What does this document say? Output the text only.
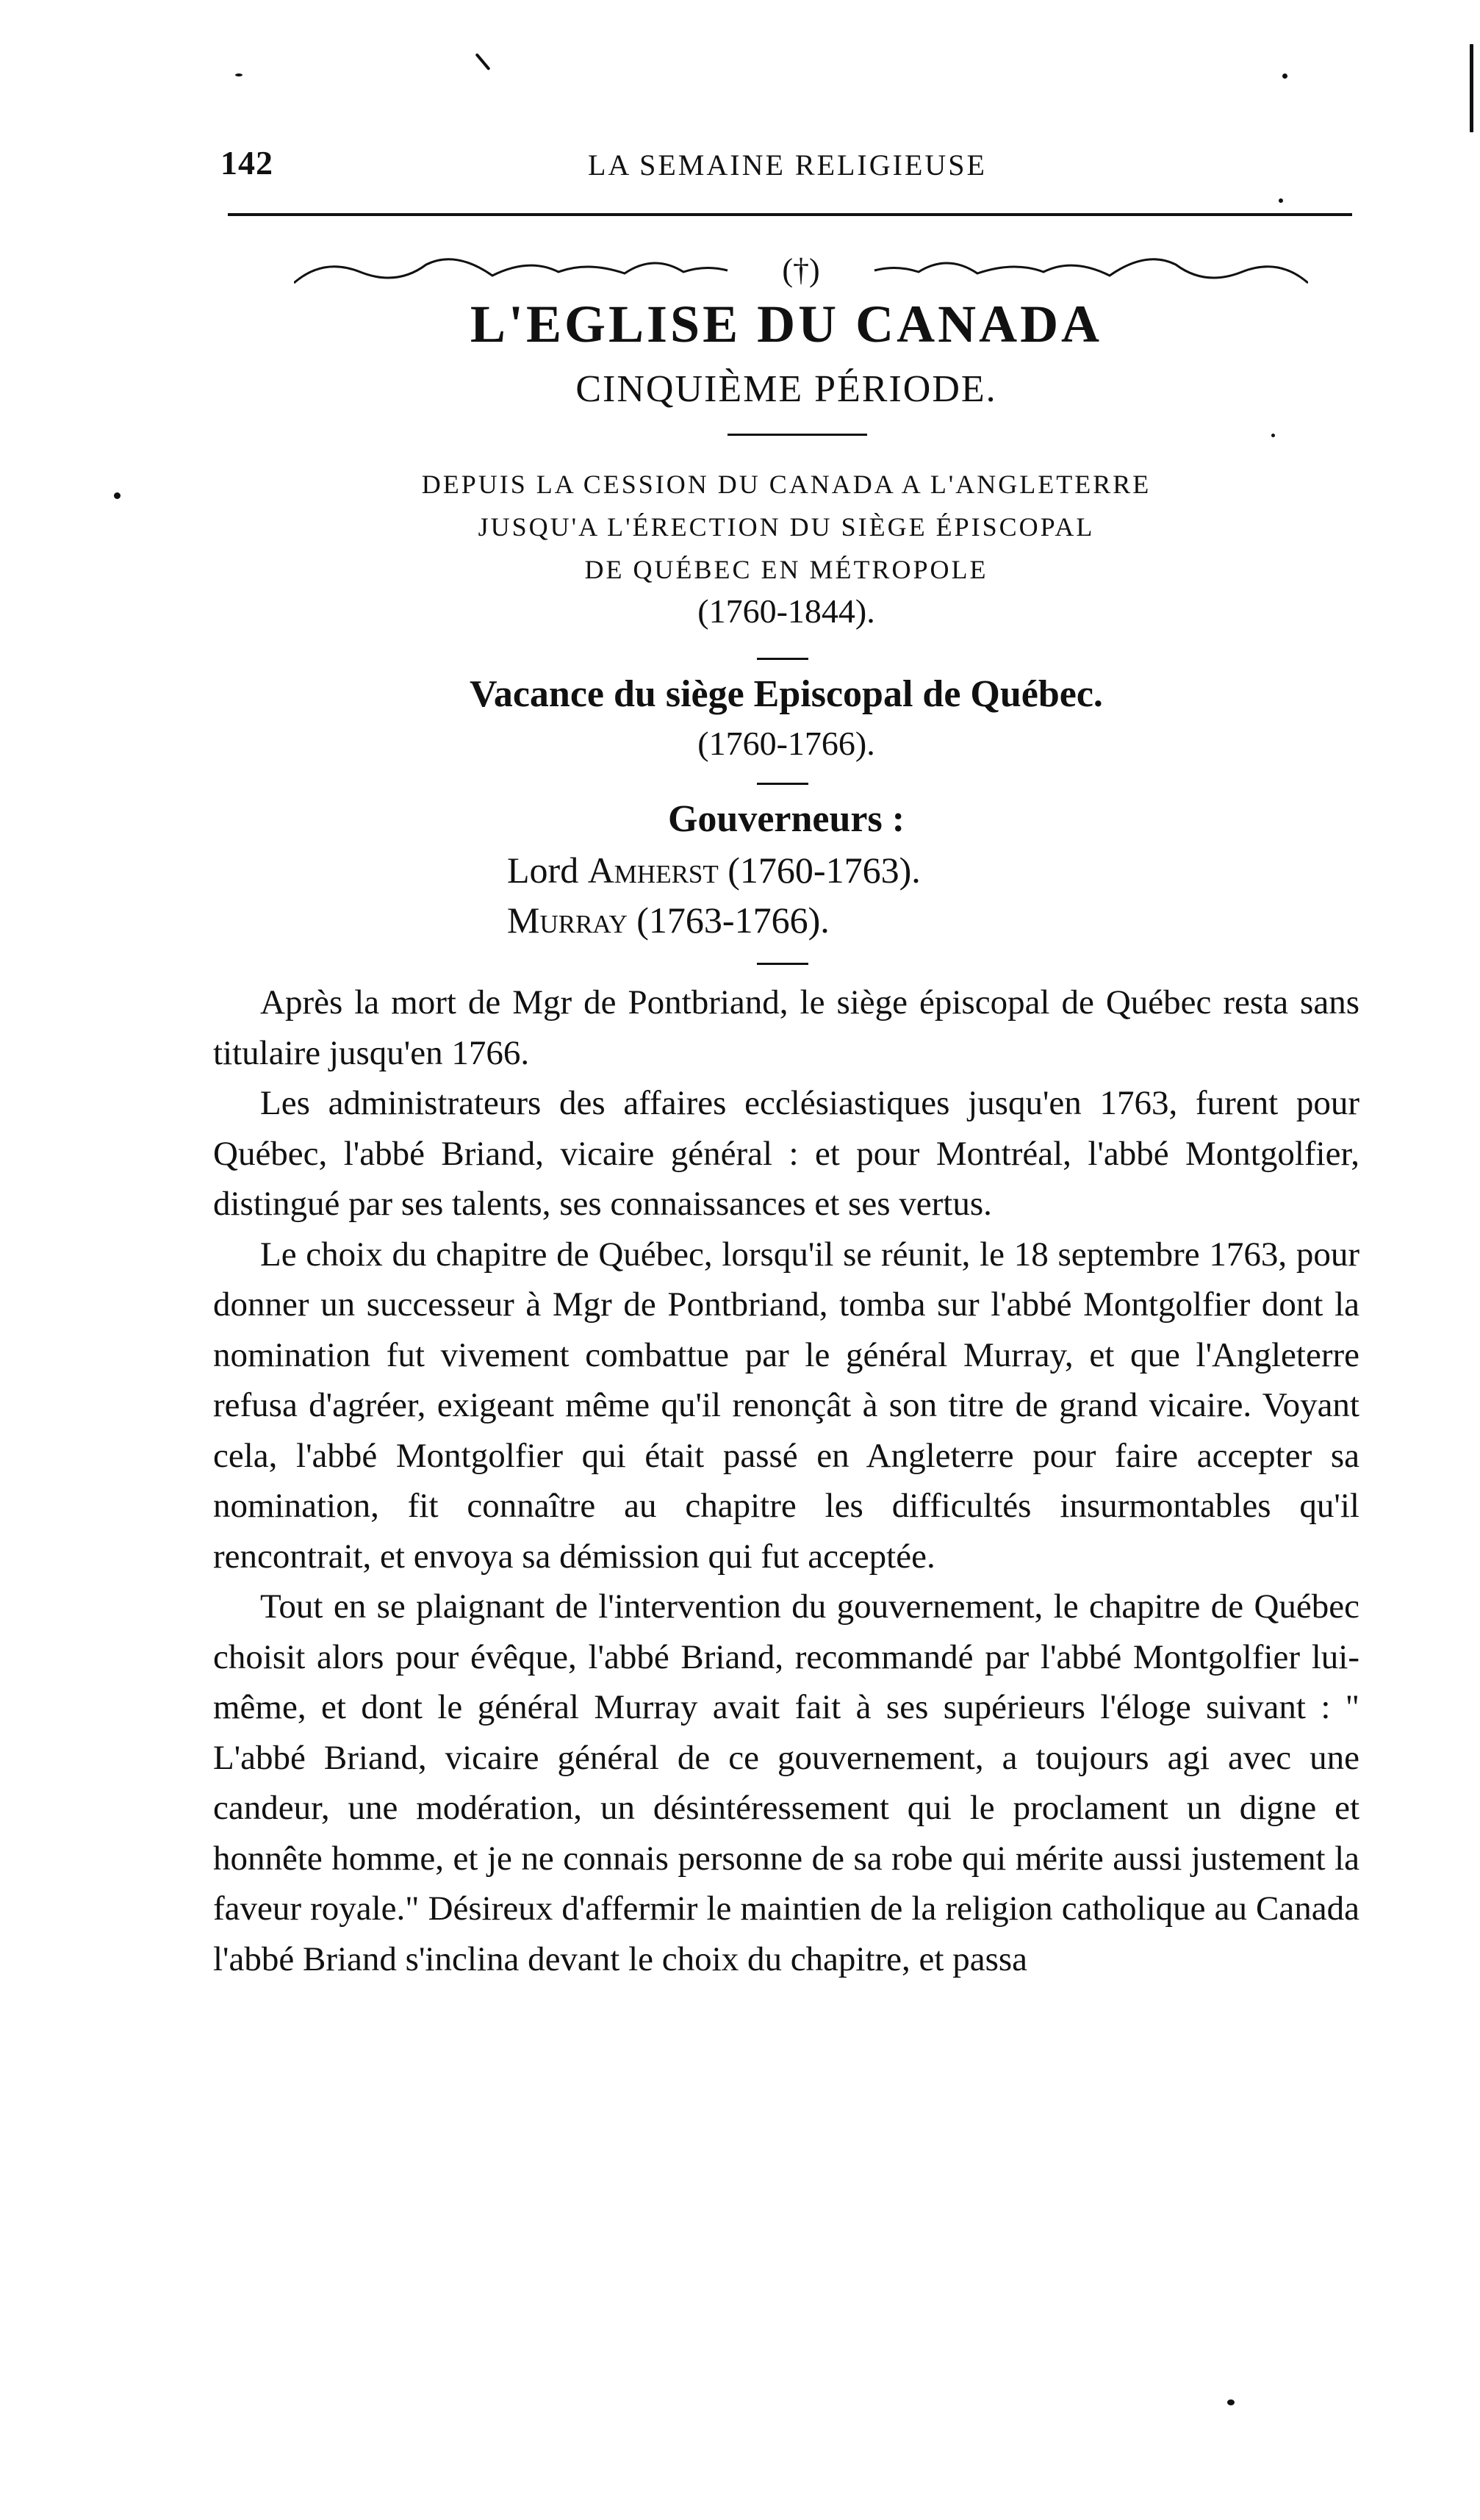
142	LA SEMAINE RELIGIEUSE
(†)
L'EGLISE DU CANADA
CINQUIÈME PÉRIODE.
DEPUIS LA CESSION DU CANADA A L'ANGLETERRE
JUSQU'A L'ÉRECTION DU SIÈGE ÉPISCOPAL
DE QUÉBEC EN MÉTROPOLE
(1760-1844).
Vacance du siège Episcopal de Québec.
(1760-1766).
Gouverneurs :
Lord Amherst (1760-1763).
Murray (1763-1766).

Après la mort de Mgr de Pontbriand, le siège épiscopal de Québec resta sans titulaire jusqu'en 1766.

Les administrateurs des affaires ecclésiastiques jusqu'en 1763, furent pour Québec, l'abbé Briand, vicaire général : et pour Montréal, l'abbé Montgolfier, distingué par ses talents, ses connaissances et ses vertus.

Le choix du chapitre de Québec, lorsqu'il se réunit, le 18 septembre 1763, pour donner un successeur à Mgr de Pontbriand, tomba sur l'abbé Montgolfier dont la nomination fut vivement combattue par le général Murray, et que l'Angleterre refusa d'agréer, exigeant même qu'il renonçât à son titre de grand vicaire. Voyant cela, l'abbé Montgolfier qui était passé en Angleterre pour faire accepter sa nomination, fit connaître au chapitre les difficultés insurmontables qu'il rencontrait, et envoya sa démission qui fut acceptée.

Tout en se plaignant de l'intervention du gouvernement, le chapitre de Québec choisit alors pour évêque, l'abbé Briand, recommandé par l'abbé Montgolfier lui-même, et dont le général Murray avait fait à ses supérieurs l'éloge suivant : " L'abbé Briand, vicaire général de ce gouvernement, a toujours agi avec une candeur, une modération, un désintéressement qui le proclament un digne et honnête homme, et je ne connais personne de sa robe qui mérite aussi justement la faveur royale." Désireux d'affermir le maintien de la religion catholique au Canada l'abbé Briand s'inclina devant le choix du chapitre, et passa
